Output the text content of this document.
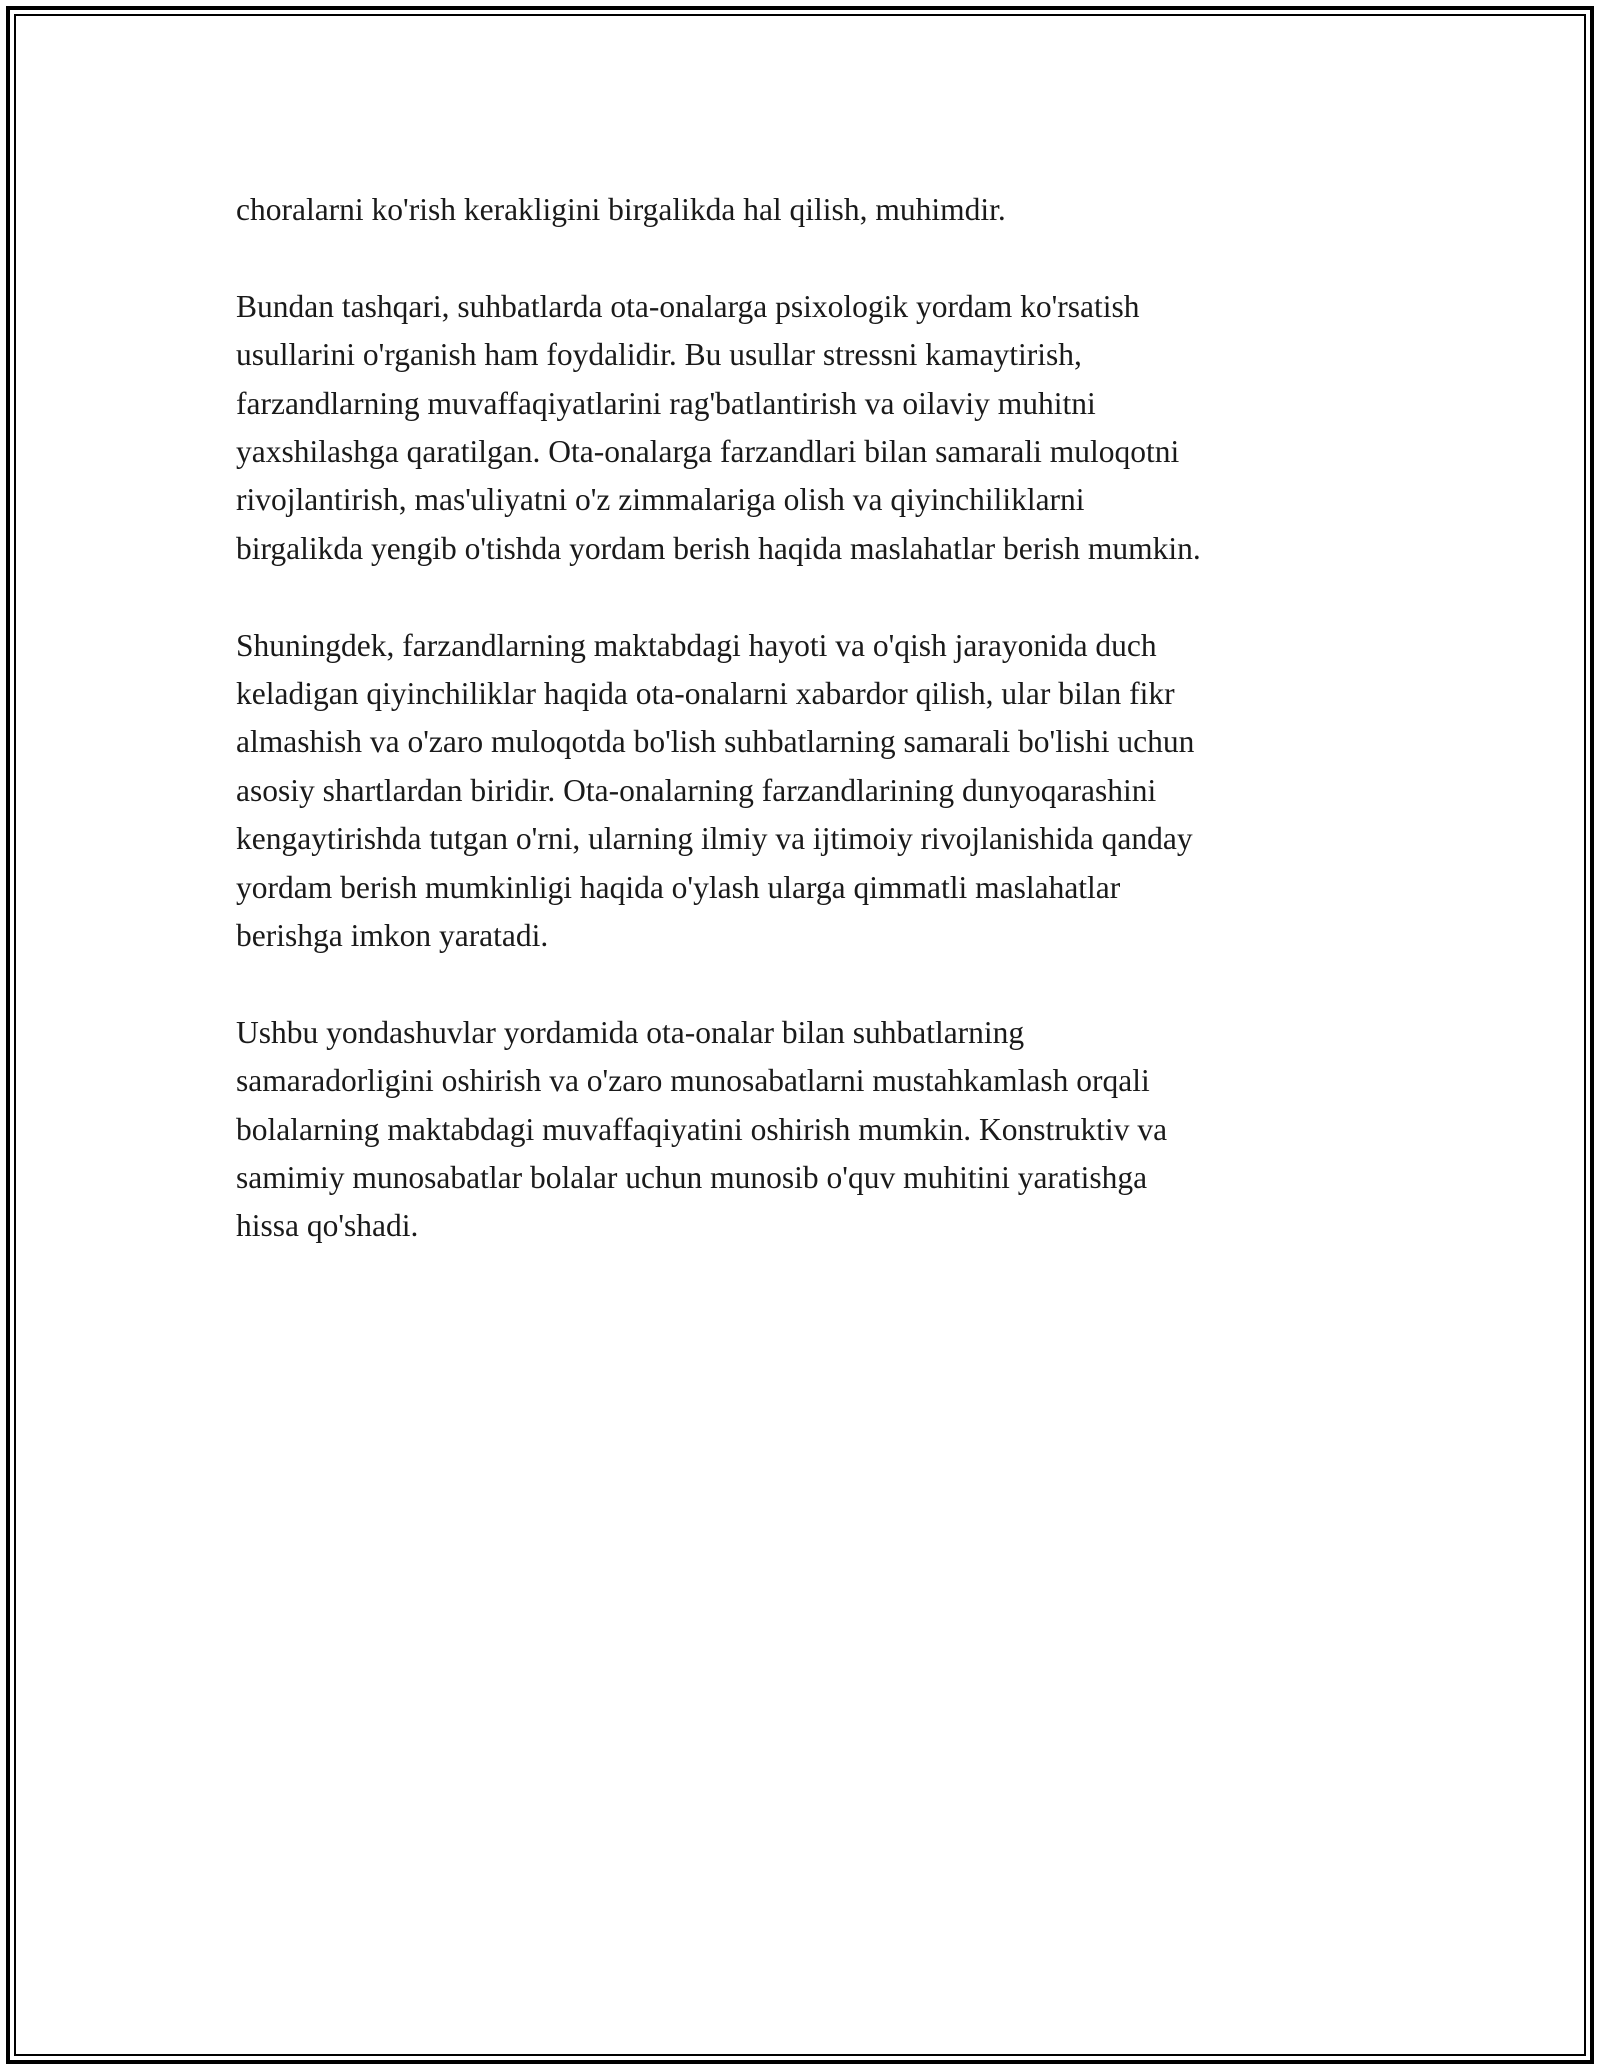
choralarni ko'rish kerakligini birgalikda hal qilish, muhimdir.

Bundan tashqari, suhbatlarda ota-onalarga psixologik yordam ko'rsatish
usullarini o'rganish ham foydalidir. Bu usullar stressni kamaytirish,
farzandlarning muvaffaqiyatlarini rag'batlantirish va oilaviy muhitni
yaxshilashga qaratilgan. Ota-onalarga farzandlari bilan samarali muloqotni
rivojlantirish, mas'uliyatni o'z zimmalariga olish va qiyinchiliklarni
birgalikda yengib o'tishda yordam berish haqida maslahatlar berish mumkin.

Shuningdek, farzandlarning maktabdagi hayoti va o'qish jarayonida duch
keladigan qiyinchiliklar haqida ota-onalarni xabardor qilish, ular bilan fikr
almashish va o'zaro muloqotda bo'lish suhbatlarning samarali bo'lishi uchun
asosiy shartlardan biridir. Ota-onalarning farzandlarining dunyoqarashini
kengaytirishda tutgan o'rni, ularning ilmiy va ijtimoiy rivojlanishida qanday
yordam berish mumkinligi haqida o'ylash ularga qimmatli maslahatlar
berishga imkon yaratadi.

Ushbu yondashuvlar yordamida ota-onalar bilan suhbatlarning
samaradorligini oshirish va o'zaro munosabatlarni mustahkamlash orqali
bolalarning maktabdagi muvaffaqiyatini oshirish mumkin. Konstruktiv va
samimiy munosabatlar bolalar uchun munosib o'quv muhitini yaratishga
hissa qo'shadi.
